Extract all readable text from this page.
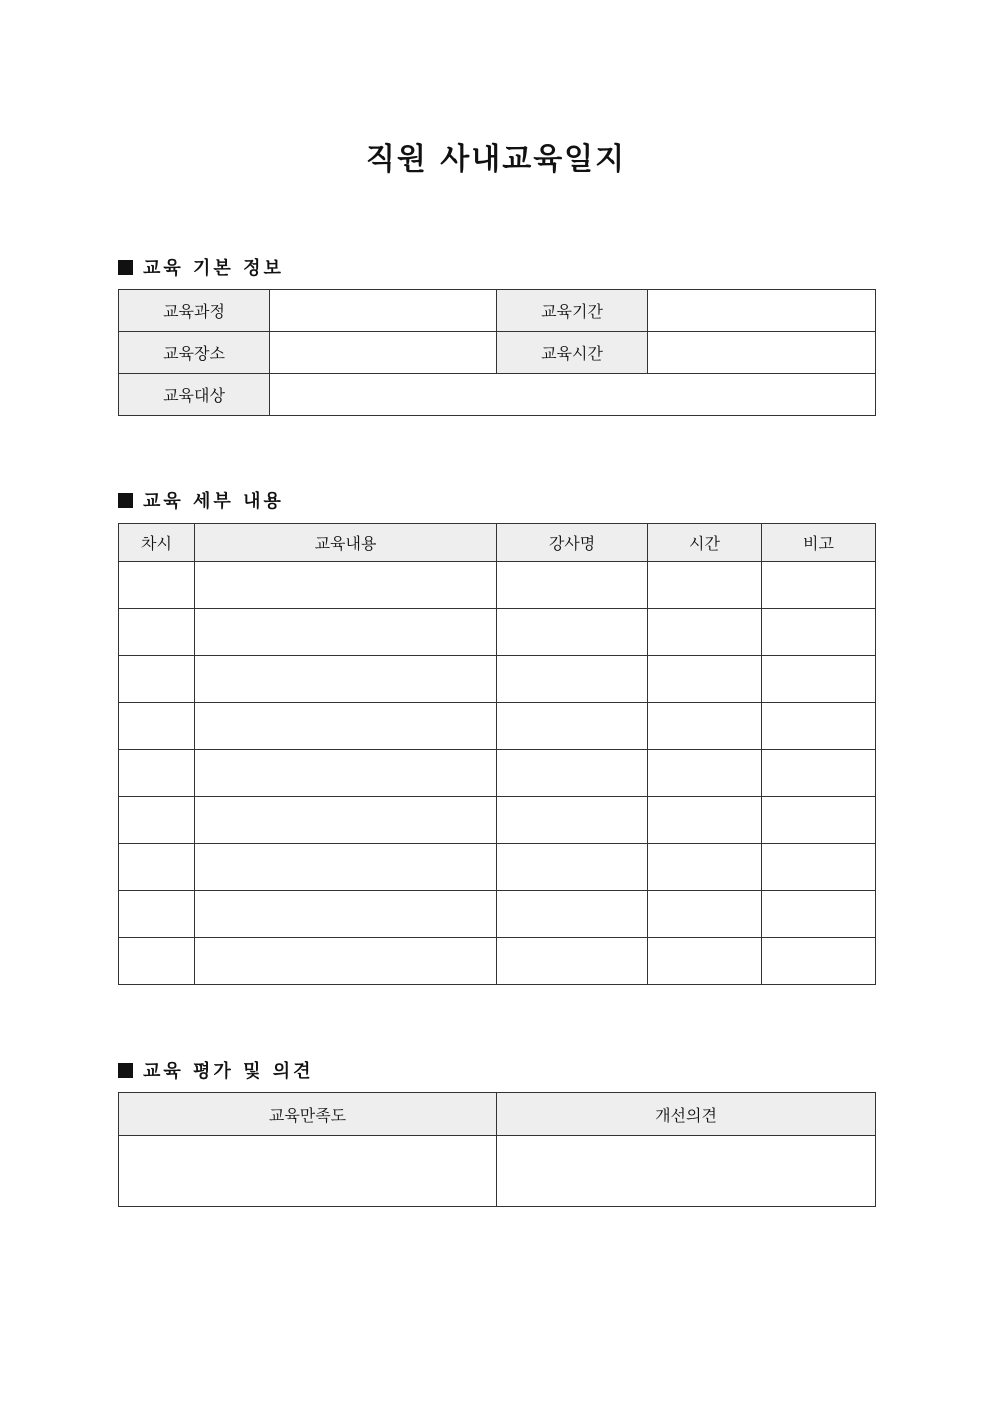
직원 사내교육일지
교육 기본 정보
교육과정		교육기간	
교육장소		교육시간	
교육대상			
교육 세부 내용
차시	교육내용	강사명	시간	비고

교육 평가 및 의견
교육만족도	개선의견
